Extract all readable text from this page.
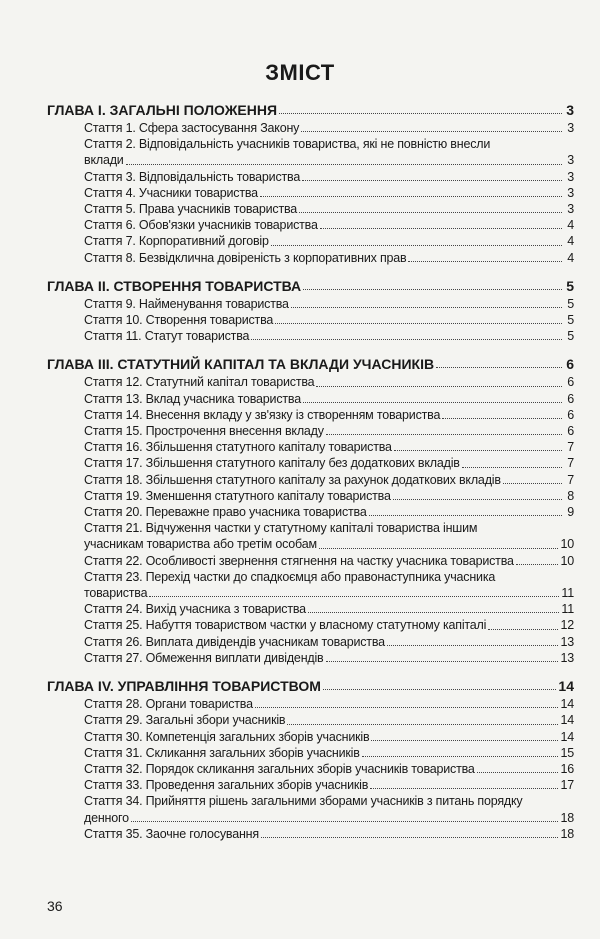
ЗМІСТ
ГЛАВА І. ЗАГАЛЬНІ ПОЛОЖЕННЯ	3
Стаття 1. Сфера застосування Закону	3
Стаття 2. Відповідальність учасників товариства, які не повністю внесли
вклади	3
Стаття 3. Відповідальність товариства	3
Стаття 4. Учасники товариства	3
Стаття 5. Права учасників товариства	3
Стаття 6. Обов'язки учасників товариства	4
Стаття 7. Корпоративний договір	4
Стаття 8. Безвідклична довіреність з корпоративних прав	4
ГЛАВА ІІ. СТВОРЕННЯ ТОВАРИСТВА	5
Стаття 9. Найменування товариства	5
Стаття 10. Створення товариства	5
Стаття 11. Статут товариства	5
ГЛАВА ІІІ. СТАТУТНИЙ КАПІТАЛ ТА ВКЛАДИ УЧАСНИКІВ	6
Стаття 12. Статутний капітал товариства	6
Стаття 13. Вклад учасника товариства	6
Стаття 14. Внесення вкладу у зв'язку із створенням товариства	6
Стаття 15. Прострочення внесення вкладу	6
Стаття 16. Збільшення статутного капіталу товариства	7
Стаття 17. Збільшення статутного капіталу без додаткових вкладів	7
Стаття 18. Збільшення статутного капіталу за рахунок додаткових вкладів	7
Стаття 19. Зменшення статутного капіталу товариства	8
Стаття 20. Переважне право учасника товариства	9
Стаття 21. Відчуження частки у статутному капіталі товариства іншим
учасникам товариства або третім особам	10
Стаття 22. Особливості звернення стягнення на частку учасника товариства	10
Стаття 23. Перехід частки до спадкоємця або правонаступника учасника
товариства	11
Стаття 24. Вихід учасника з товариства	11
Стаття 25. Набуття товариством частки у власному статутному капіталі	12
Стаття 26. Виплата дивідендів учасникам товариства	13
Стаття 27. Обмеження виплати дивідендів	13
ГЛАВА IV. УПРАВЛІННЯ ТОВАРИСТВОМ	14
Стаття 28. Органи товариства	14
Стаття 29. Загальні збори учасників	14
Стаття 30. Компетенція загальних зборів учасників	14
Стаття 31. Скликання загальних зборів учасників	15
Стаття 32. Порядок скликання загальних зборів учасників товариства	16
Стаття 33. Проведення загальних зборів учасників	17
Стаття 34. Прийняття рішень загальними зборами учасників з питань порядку
денного	18
Стаття 35. Заочне голосування	18
36
